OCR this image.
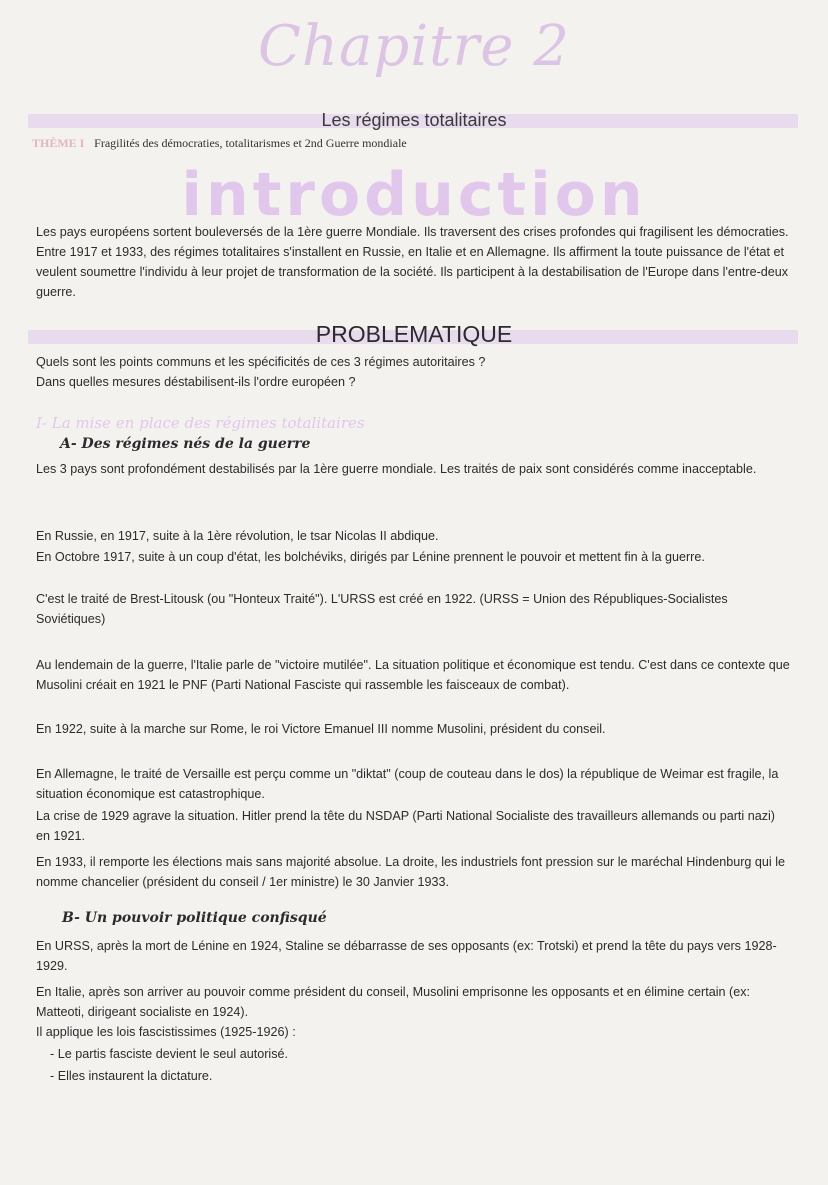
Chapitre 2
Les régimes totalitaires
THÈME I Fragilités des démocraties, totalitarismes et 2nd Guerre mondiale
introduction

Les pays européens sortent bouleversés de la 1ère guerre Mondiale. Ils traversent des crises profondes qui fragilisent les démocraties. Entre 1917 et 1933, des régimes totalitaires s'installent en Russie, en Italie et en Allemagne. Ils affirment la toute puissance de l'état et veulent soumettre l'individu à leur projet de transformation de la société. Ils participent à la destabilisation de l'Europe dans l'entre-deux guerre.

PROBLEMATIQUE

Quels sont les points communs et les spécificités de ces 3 régimes autoritaires ?

Dans quelles mesures déstabilisent-ils l'ordre européen ?

I- La mise en place des régimes totalitaires
A- Des régimes nés de la guerre

Les 3 pays sont profondément destabilisés par la 1ère guerre mondiale. Les traités de paix sont considérés comme inacceptable.

En Russie, en 1917, suite à la 1ère révolution, le tsar Nicolas II abdique.

En Octobre 1917, suite à un coup d'état, les bolchéviks, dirigés par Lénine prennent le pouvoir et mettent fin à la guerre.

C'est le traité de Brest-Litousk (ou "Honteux Traité"). L'URSS est créé en 1922. (URSS = Union des Républiques-Socialistes Soviétiques)

Au lendemain de la guerre, l'Italie parle de "victoire mutilée". La situation politique et économique est tendu. C'est dans ce contexte que Musolini créait en 1921 le PNF (Parti National Fasciste qui rassemble les faisceaux de combat).

En 1922, suite à la marche sur Rome, le roi Victore Emanuel III nomme Musolini, président du conseil.

En Allemagne, le traité de Versaille est perçu comme un "diktat" (coup de couteau dans le dos) la république de Weimar est fragile, la situation économique est catastrophique.

La crise de 1929 agrave la situation. Hitler prend la tête du NSDAP (Parti National Socialiste des travailleurs allemands ou parti nazi) en 1921.

En 1933, il remporte les élections mais sans majorité absolue. La droite, les industriels font pression sur le maréchal Hindenburg qui le nomme chancelier (président du conseil / 1er ministre) le 30 Janvier 1933.

B- Un pouvoir politique confisqué

En URSS, après la mort de Lénine en 1924, Staline se débarrasse de ses opposants (ex: Trotski) et prend la tête du pays vers 1928-1929.

En Italie, après son arriver au pouvoir comme président du conseil, Musolini emprisonne les opposants et en élimine certain (ex: Matteoti, dirigeant socialiste en 1924).

Il applique les lois fascistissimes (1925-1926) :

- Le partis fasciste devient le seul autorisé.

- Elles instaurent la dictature.
